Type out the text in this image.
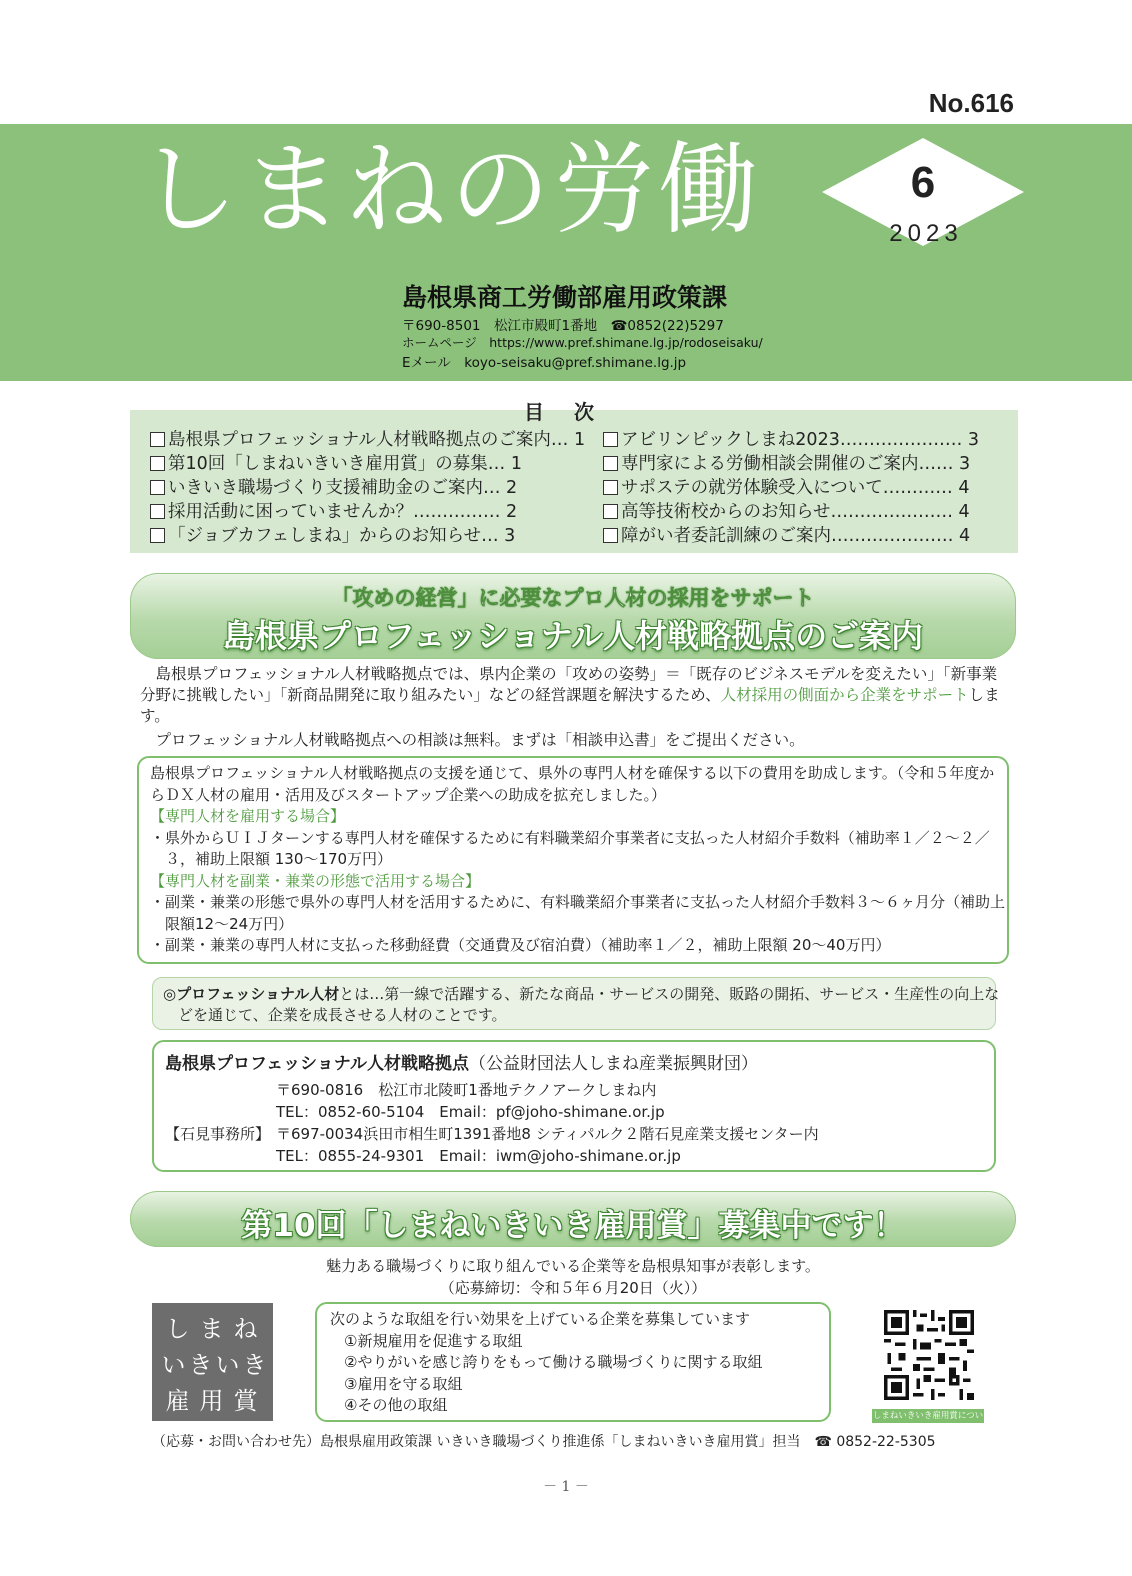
No.616
しまねの労働	6
2023
島根県商工労働部雇用政策課
〒690-8501　松江市殿町1番地　☎0852(22)5297
ホームページ　https://www.pref.shimane.lg.jp/rodoseisaku/
Eメール　koyo-seisaku@pref.shimane.lg.jp
目次
島根県プロフェッショナル人材戦略拠点のご案内… 1
第10回「しまねいきいき雇用賞」の募集… 1
いきいき職場づくり支援補助金のご案内… 2
採用活動に困っていませんか？…………… 2
「ジョブカフェしまね」からのお知らせ… 3
アビリンピックしまね2023………………… 3
専門家による労働相談会開催のご案内…… 3
サポステの就労体験受入について………… 4
高等技術校からのお知らせ………………… 4
障がい者委託訓練のご案内………………… 4
「攻めの経営」に必要なプロ人材の採用をサポート
島根県プロフェッショナル人材戦略拠点のご案内
　島根県プロフェッショナル人材戦略拠点では、県内企業の「攻めの姿勢」＝「既存のビジネスモデルを変えたい」「新事業分野に挑戦したい」「新商品開発に取り組みたい」などの経営課題を解決するため、人材採用の側面から企業をサポートします。
　プロフェッショナル人材戦略拠点への相談は無料。まずは「相談申込書」をご提出ください。
島根県プロフェッショナル人材戦略拠点の支援を通じて、県外の専門人材を確保する以下の費用を助成します。（令和５年度からＤＸ人材の雇用・活用及びスタートアップ企業への助成を拡充しました。）
【専門人材を雇用する場合】
・県外からＵＩＪターンする専門人材を確保するために有料職業紹介事業者に支払った人材紹介手数料（補助率１／２～２／３，補助上限額 130～170万円）
【専門人材を副業・兼業の形態で活用する場合】
・副業・兼業の形態で県外の専門人材を活用するために、有料職業紹介事業者に支払った人材紹介手数料３～６ヶ月分（補助上限額12～24万円）
・副業・兼業の専門人材に支払った移動経費（交通費及び宿泊費）（補助率１／２，補助上限額 20～40万円）
◎プロフェッショナル人材とは…第一線で活躍する、新たな商品・サービスの開発、販路の開拓、サービス・生産性の向上などを通じて、企業を成長させる人材のことです。
島根県プロフェッショナル人材戦略拠点（公益財団法人しまね産業振興財団）
〒690-0816　松江市北陵町1番地テクノアークしまね内
TEL：0852-60-5104　Email：pf@joho-shimane.or.jp
【石見事務所】 〒697-0034浜田市相生町1391番地8 シティパルク２階石見産業支援センター内
TEL：0855-24-9301　Email：iwm@joho-shimane.or.jp
第10回「しまねいきいき雇用賞」募集中です！
魅力ある職場づくりに取り組んでいる企業等を島根県知事が表彰します。
（応募締切：令和５年６月20日（火））
しまね
いきいき
雇用賞
次のような取組を行い効果を上げている企業を募集しています
①新規雇用を促進する取組
②やりがいを感じ誇りをもって働ける職場づくりに関する取組
③雇用を守る取組
④その他の取組
しまねいきいき雇用賞について
（応募・お問い合わせ先）島根県雇用政策課 いきいき職場づくり推進係「しまねいきいき雇用賞」担当　☎ 0852-22-5305
－ 1 －
